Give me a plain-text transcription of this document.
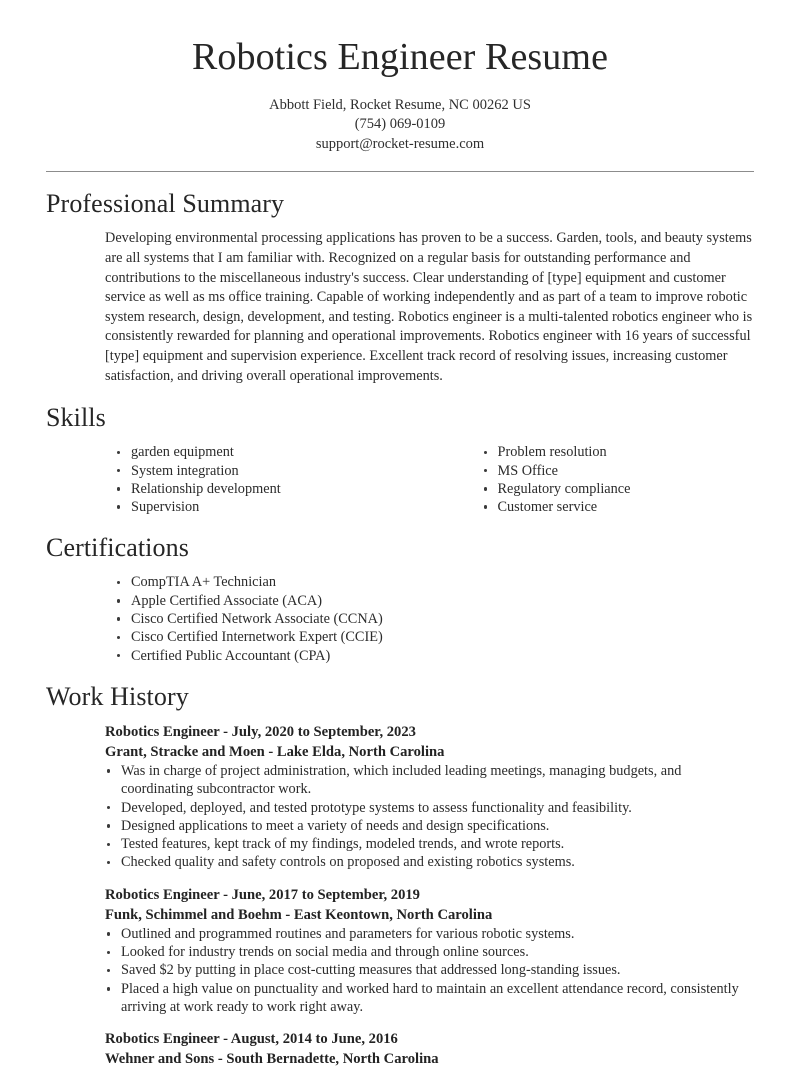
Robotics Engineer Resume
Abbott Field, Rocket Resume, NC 00262 US
(754) 069-0109
support@rocket-resume.com
Professional Summary

Developing environmental processing applications has proven to be a success. Garden, tools, and beauty systems are all systems that I am familiar with. Recognized on a regular basis for outstanding performance and contributions to the miscellaneous industry's success. Clear understanding of [type] equipment and customer service as well as ms office training. Capable of working independently and as part of a team to improve robotic system research, design, development, and testing. Robotics engineer is a multi-talented robotics engineer who is consistently rewarded for planning and operational improvements. Robotics engineer with 16 years of successful [type] equipment and supervision experience. Excellent track record of resolving issues, increasing customer satisfaction, and driving overall operational improvements.

Skills
garden equipment
System integration
Relationship development
Supervision
Problem resolution
MS Office
Regulatory compliance
Customer service
Certifications
CompTIA A+ Technician
Apple Certified Associate (ACA)
Cisco Certified Network Associate (CCNA)
Cisco Certified Internetwork Expert (CCIE)
Certified Public Accountant (CPA)
Work History
Robotics Engineer - July, 2020 to September, 2023
Grant, Stracke and Moen - Lake Elda, North Carolina
Was in charge of project administration, which included leading meetings, managing budgets, and coordinating subcontractor work.
Developed, deployed, and tested prototype systems to assess functionality and feasibility.
Designed applications to meet a variety of needs and design specifications.
Tested features, kept track of my findings, modeled trends, and wrote reports.
Checked quality and safety controls on proposed and existing robotics systems.
Robotics Engineer - June, 2017 to September, 2019
Funk, Schimmel and Boehm - East Keontown, North Carolina
Outlined and programmed routines and parameters for various robotic systems.
Looked for industry trends on social media and through online sources.
Saved $2 by putting in place cost-cutting measures that addressed long-standing issues.
Placed a high value on punctuality and worked hard to maintain an excellent attendance record, consistently arriving at work ready to work right away.
Robotics Engineer - August, 2014 to June, 2016
Wehner and Sons - South Bernadette, North Carolina
